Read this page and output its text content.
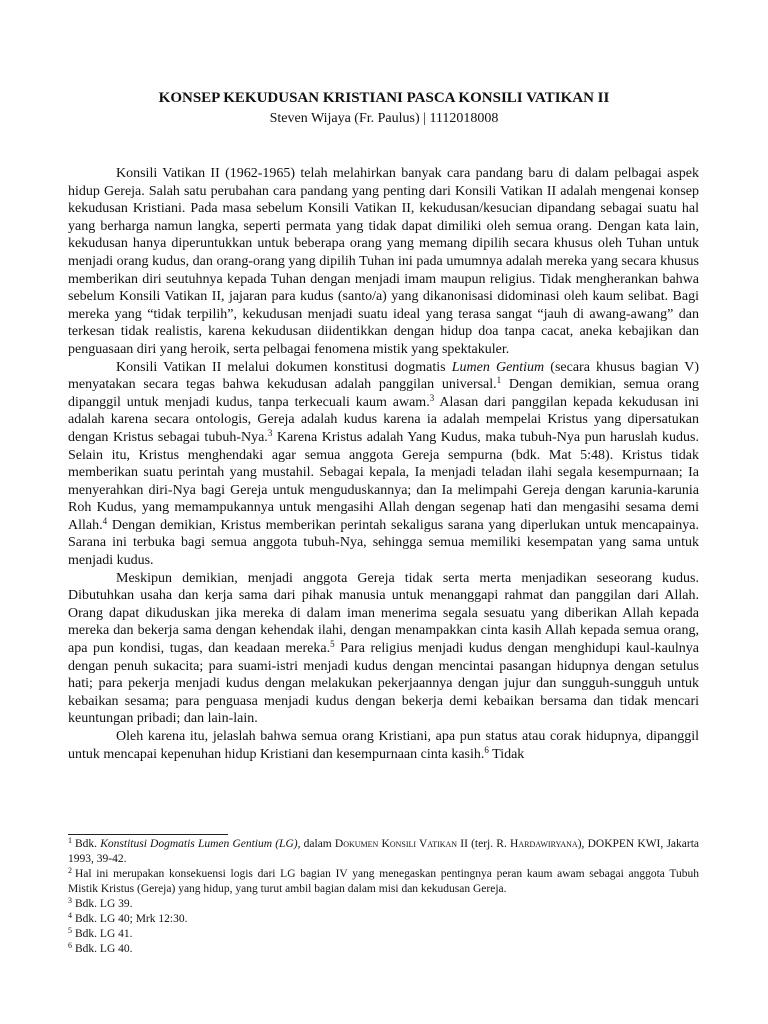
KONSEP KEKUDUSAN KRISTIANI PASCA KONSILI VATIKAN II

Steven Wijaya (Fr. Paulus) | 1112018008

Konsili Vatikan II (1962-1965) telah melahirkan banyak cara pandang baru di dalam pelbagai aspek hidup Gereja. Salah satu perubahan cara pandang yang penting dari Konsili Vatikan II adalah mengenai konsep kekudusan Kristiani. Pada masa sebelum Konsili Vatikan II, kekudusan/kesucian dipandang sebagai suatu hal yang berharga namun langka, seperti permata yang tidak dapat dimiliki oleh semua orang. Dengan kata lain, kekudusan hanya diperuntukkan untuk beberapa orang yang memang dipilih secara khusus oleh Tuhan untuk menjadi orang kudus, dan orang-orang yang dipilih Tuhan ini pada umumnya adalah mereka yang secara khusus memberikan diri seutuhnya kepada Tuhan dengan menjadi imam maupun religius. Tidak mengherankan bahwa sebelum Konsili Vatikan II, jajaran para kudus (santo/a) yang dikanonisasi didominasi oleh kaum selibat. Bagi mereka yang “tidak terpilih”, kekudusan menjadi suatu ideal yang terasa sangat “jauh di awang-awang” dan terkesan tidak realistis, karena kekudusan diidentikkan dengan hidup doa tanpa cacat, aneka kebajikan dan penguasaan diri yang heroik, serta pelbagai fenomena mistik yang spektakuler.

Konsili Vatikan II melalui dokumen konstitusi dogmatis Lumen Gentium (secara khusus bagian V) menyatakan secara tegas bahwa kekudusan adalah panggilan universal.$^1$ Dengan demikian, semua orang dipanggil untuk menjadi kudus, tanpa terkecuali kaum awam.$^3$ Alasan dari panggilan kepada kekudusan ini adalah karena secara ontologis, Gereja adalah kudus karena ia adalah mempelai Kristus yang dipersatukan dengan Kristus sebagai tubuh-Nya.$^3$ Karena Kristus adalah Yang Kudus, maka tubuh-Nya pun haruslah kudus. Selain itu, Kristus menghendaki agar semua anggota Gereja sempurna (bdk. Mat 5:48). Kristus tidak memberikan suatu perintah yang mustahil. Sebagai kepala, Ia menjadi teladan ilahi segala kesempurnaan; Ia menyerahkan diri-Nya bagi Gereja untuk menguduskannya; dan Ia melimpahi Gereja dengan karunia-karunia Roh Kudus, yang memampukannya untuk mengasihi Allah dengan segenap hati dan mengasihi sesama demi Allah.$^4$ Dengan demikian, Kristus memberikan perintah sekaligus sarana yang diperlukan untuk mencapainya. Sarana ini terbuka bagi semua anggota tubuh-Nya, sehingga semua memiliki kesempatan yang sama untuk menjadi kudus.

Meskipun demikian, menjadi anggota Gereja tidak serta merta menjadikan seseorang kudus. Dibutuhkan usaha dan kerja sama dari pihak manusia untuk menanggapi rahmat dan panggilan dari Allah. Orang dapat dikuduskan jika mereka di dalam iman menerima segala sesuatu yang diberikan Allah kepada mereka dan bekerja sama dengan kehendak ilahi, dengan menampakkan cinta kasih Allah kepada semua orang, apa pun kondisi, tugas, dan keadaan mereka.$^5$ Para religius menjadi kudus dengan menghidupi kaul-kaulnya dengan penuh sukacita; para suami-istri menjadi kudus dengan mencintai pasangan hidupnya dengan setulus hati; para pekerja menjadi kudus dengan melakukan pekerjaannya dengan jujur dan sungguh-sungguh untuk kebaikan sesama; para penguasa menjadi kudus dengan bekerja demi kebaikan bersama dan tidak mencari keuntungan pribadi; dan lain-lain.

Oleh karena itu, jelaslah bahwa semua orang Kristiani, apa pun status atau corak hidupnya, dipanggil untuk mencapai kepenuhan hidup Kristiani dan kesempurnaan cinta kasih.$^6$ Tidak

$^1$ Bdk. Konstitusi Dogmatis Lumen Gentium (LG), dalam Dokumen Konsili Vatikan II (terj. R. Hardawiryana), DOKPEN KWI, Jakarta 1993, 39-42.

$^2$ Hal ini merupakan konsekuensi logis dari LG bagian IV yang menegaskan pentingnya peran kaum awam sebagai anggota Tubuh Mistik Kristus (Gereja) yang hidup, yang turut ambil bagian dalam misi dan kekudusan Gereja.

$^3$ Bdk. LG 39.

$^4$ Bdk. LG 40; Mrk 12:30.

$^5$ Bdk. LG 41.

$^6$ Bdk. LG 40.
